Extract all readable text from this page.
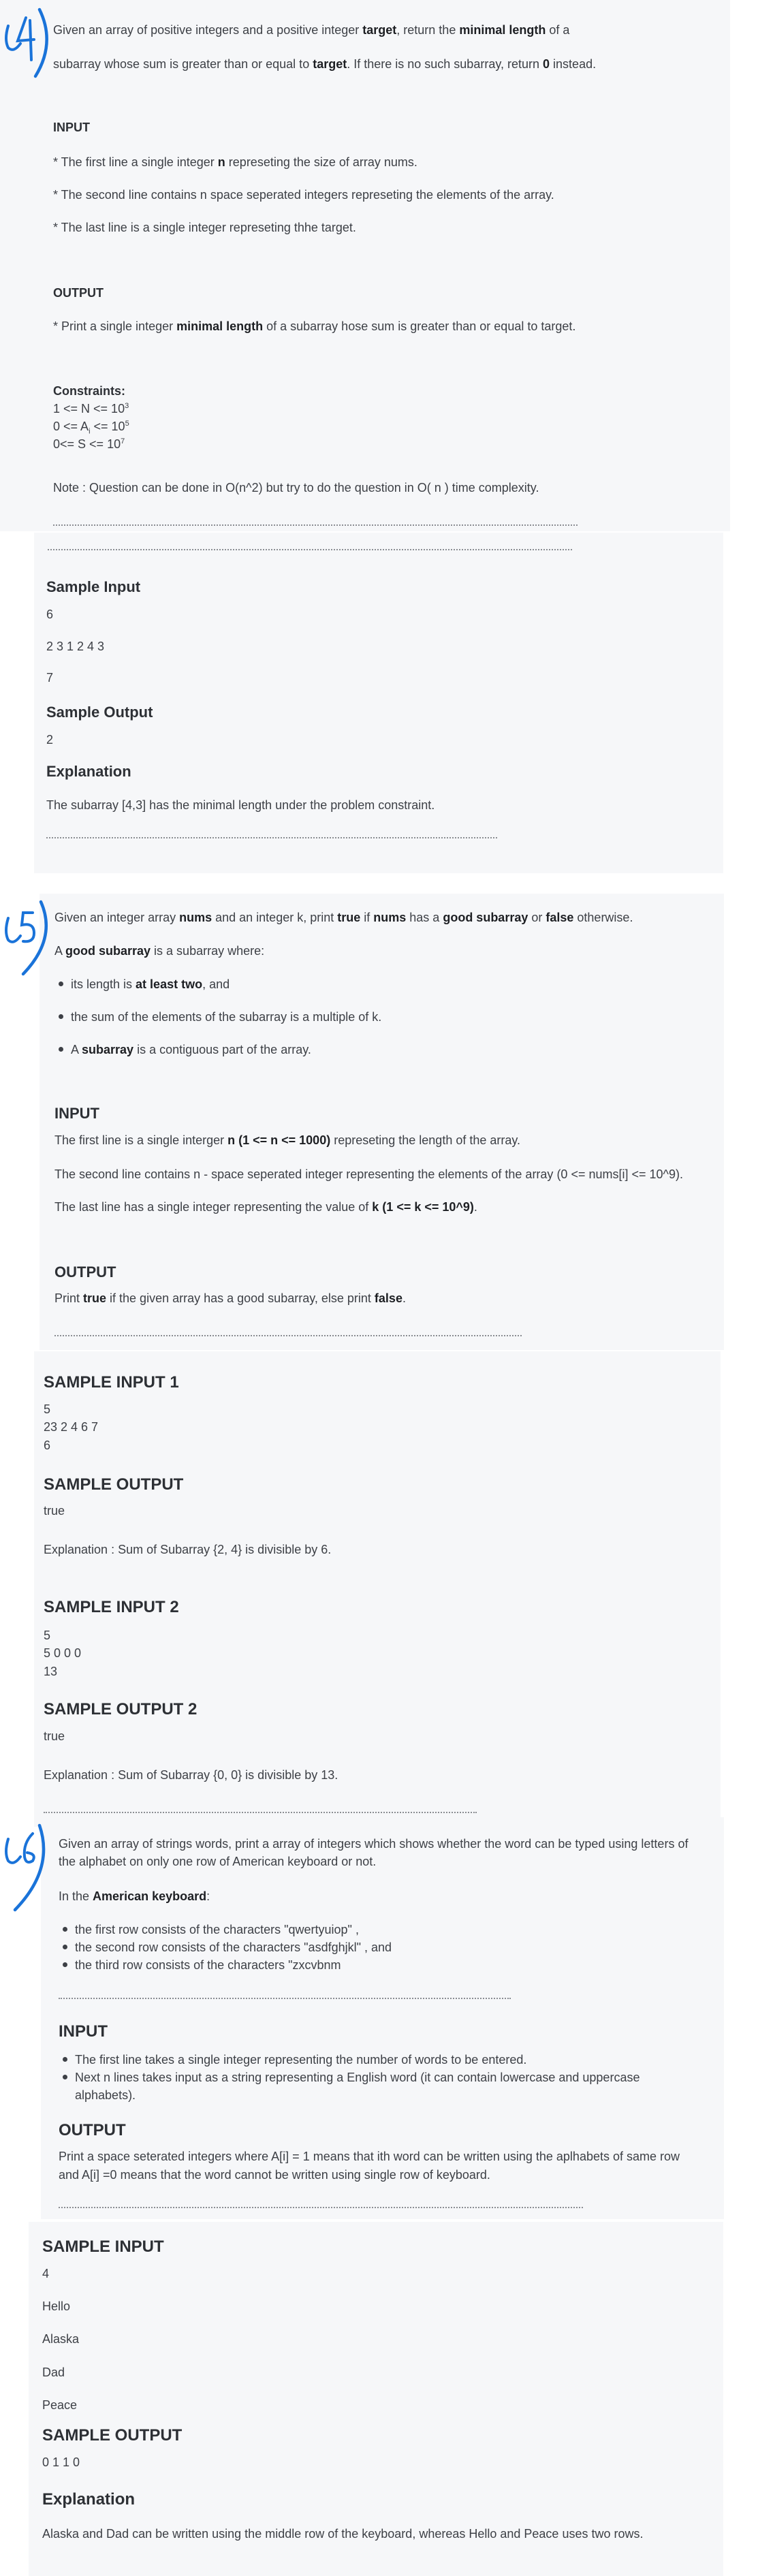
Given an array of positive integers and a positive integer target, return the minimal length of a
subarray whose sum is greater than or equal to target. If there is no such subarray, return 0 instead.
INPUT
* The first line a single integer n represeting the size of array nums.
* The second line contains n space seperated integers represeting the elements of the array.
* The last line is a single integer represeting thhe target.
OUTPUT
* Print a single integer minimal length of a subarray hose sum is greater than or equal to target.
Constraints:
$1 <= N <= 10^3$
$0 <= A_i <= 10^5$
$0<= S <= 10^7$
Note : Question can be done in O(n^2) but try to do the question in O( n ) time complexity.
Sample Input
6
2 3 1 2 4 3
7
Sample Output
2
Explanation
The subarray [4,3] has the minimal length under the problem constraint.
Given an integer array nums and an integer k, print true if nums has a good subarray or false otherwise.
A good subarray is a subarray where:
its length is at least two, and
the sum of the elements of the subarray is a multiple of k.
A subarray is a contiguous part of the array.
INPUT
The first line is a single interger n (1 <= n <= 1000) represeting the length of the array.
The second line contains n - space seperated integer representing the elements of the array (0 <= nums[i] <= 10^9).
The last line has a single integer representing the value of k (1 <= k <= 10^9).
OUTPUT
Print true if the given array has a good subarray, else print false.
SAMPLE INPUT 1
5
23 2 4 6 7
6
SAMPLE OUTPUT
true
Explanation : Sum of Subarray {2, 4} is divisible by 6.
SAMPLE INPUT 2
5
5 0 0 0
13
SAMPLE OUTPUT 2
true
Explanation : Sum of Subarray {0, 0} is divisible by 13.
Given an array of strings words, print a array of integers which shows whether the word can be typed using letters of
the alphabet on only one row of American keyboard or not.
In the American keyboard:
the first row consists of the characters "qwertyuiop" ,
the second row consists of the characters "asdfghjkl" , and
the third row consists of the characters "zxcvbnm
INPUT
The first line takes a single integer representing the number of words to be entered.
Next n lines takes input as a string representing a English word (it can contain lowercase and uppercase
alphabets).
OUTPUT
Print a space seterated integers where A[i] = 1 means that ith word can be written using the aplhabets of same row
and A[i] =0 means that the word cannot be written using single row of keyboard.
SAMPLE INPUT
4
Hello
Alaska
Dad
Peace
SAMPLE OUTPUT
0 1 1 0
Explanation
Alaska and Dad can be written using the middle row of the keyboard, whereas Hello and Peace uses two rows.
